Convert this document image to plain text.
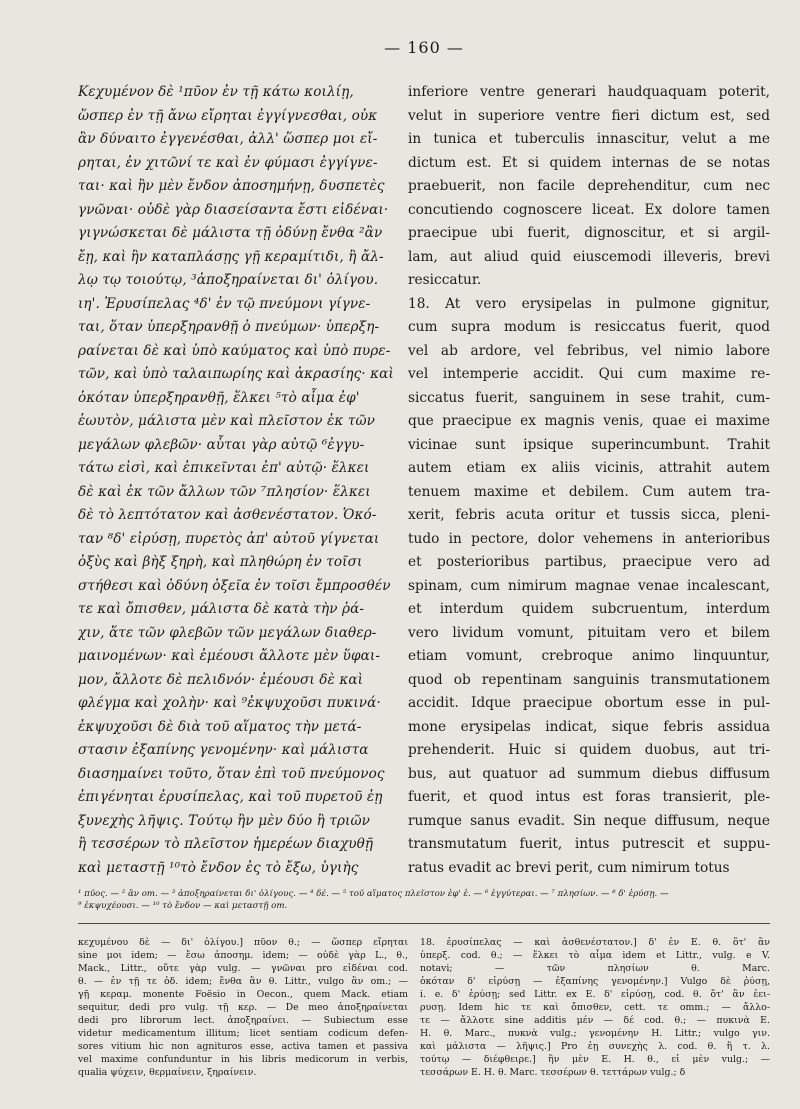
— 160 —
Κεχυμένον δὲ ¹πῦον ἐν τῇ κάτω κοιλίῃ,
ὥσπερ ἐν τῇ ἄνω εἴρηται ἐγγίγνεσθαι, οὐκ
ἂν δύναιτο ἐγγενέσθαι, ἀλλ' ὥσπερ μοι εἴ-
ρηται, ἐν χιτῶνί τε καὶ ἐν φύμασι ἐγγίγνε-
ται· καὶ ἢν μὲν ἔνδον ἀποσημήνῃ, δυσπετὲς
γνῶναι· οὐδὲ γὰρ διασείσαντα ἔστι εἰδέναι·
γιγνώσκεται δὲ μάλιστα τῇ ὀδύνῃ ἔνθα ²ἂν
ἔῃ, καὶ ἢν καταπλάσῃς γῇ κεραμίτιδι, ἢ ἄλ-
λῳ τῳ τοιούτῳ, ³ἀποξηραίνεται δι' ὀλίγου.
ιη'. Ἐρυσίπελας ⁴δ' ἐν τῷ πνεύμονι γίγνε-
ται, ὅταν ὑπερξηρανθῇ ὁ πνεύμων· ὑπερξη-
ραίνεται δὲ καὶ ὑπὸ καύματος καὶ ὑπὸ πυρε-
τῶν, καὶ ὑπὸ ταλαιπωρίης καὶ ἀκρασίης· καὶ
ὁκόταν ὑπερξηρανθῇ, ἕλκει ⁵τὸ αἷμα ἐφ'
ἑωυτὸν, μάλιστα μὲν καὶ πλεῖστον ἐκ τῶν
μεγάλων φλεβῶν· αὗται γὰρ αὐτῷ ⁶ἐγγυ-
τάτω εἰσὶ, καὶ ἐπικεῖνται ἐπ' αὐτῷ· ἕλκει
δὲ καὶ ἐκ τῶν ἄλλων τῶν ⁷πλησίον· ἕλκει
δὲ τὸ λεπτότατον καὶ ἀσθενέστατον. Ὁκό-
ταν ⁸δ' εἰρύσῃ, πυρετὸς ἀπ' αὐτοῦ γίγνεται
ὀξὺς καὶ βὴξ ξηρὴ, καὶ πληθώρη ἐν τοῖσι
στήθεσι καὶ ὀδύνη ὀξεῖα ἐν τοῖσι ἔμπροσθέν
τε καὶ ὄπισθεν, μάλιστα δὲ κατὰ τὴν ῥά-
χιν, ἅτε τῶν φλεβῶν τῶν μεγάλων διαθερ-
μαινομένων· καὶ ἐμέουσι ἄλλοτε μὲν ὕφαι-
μον, ἄλλοτε δὲ πελιδνόν· ἐμέουσι δὲ καὶ
φλέγμα καὶ χολὴν· καὶ ⁹ἐκψυχοῦσι πυκινά·
ἐκψυχοῦσι δὲ διὰ τοῦ αἵματος τὴν μετά-
στασιν ἐξαπίνης γενομένην· καὶ μάλιστα
διασημαίνει τοῦτο, ὅταν ἐπὶ τοῦ πνεύμονος
ἐπιγένηται ἐρυσίπελας, καὶ τοῦ πυρετοῦ ἐῃ
ξυνεχὴς λῆψις. Τούτῳ ἢν μὲν δύο ἢ τριῶν
ἢ τεσσέρων τὸ πλεῖστον ἡμερέων διαχυθῇ
καὶ μεταστῇ ¹⁰τὸ ἔνδον ἐς τὸ ἔξω, ὑγιὴς
inferiore ventre generari haudquaquam poterit,
velut in superiore ventre fieri dictum est, sed
in tunica et tuberculis innascitur, velut a me
dictum est. Et si quidem internas de se notas
praebuerit, non facile deprehenditur, cum nec
concutiendo cognoscere liceat. Ex dolore tamen
praecipue ubi fuerit, dignoscitur, et si argil-
lam, aut aliud quid eiuscemodi illeveris, brevi
resiccatur.
18. At vero erysipelas in pulmone gignitur,
cum supra modum is resiccatus fuerit, quod
vel ab ardore, vel febribus, vel nimio labore
vel intemperie accidit. Qui cum maxime re-
siccatus fuerit, sanguinem in sese trahit, cum-
que praecipue ex magnis venis, quae ei maxime
vicinae sunt ipsique superincumbunt. Trahit
autem etiam ex aliis vicinis, attrahit autem
tenuem maxime et debilem. Cum autem tra-
xerit, febris acuta oritur et tussis sicca, pleni-
tudo in pectore, dolor vehemens in anterioribus
et posterioribus partibus, praecipue vero ad
spinam, cum nimirum magnae venae incalescant,
et interdum quidem subcruentum, interdum
vero lividum vomunt, pituitam vero et bilem
etiam vomunt, crebroque animo linquuntur,
quod ob repentinam sanguinis transmutationem
accidit. Idque praecipue obortum esse in pul-
mone erysipelas indicat, sique febris assidua
prehenderit. Huic si quidem duobus, aut tri-
bus, aut quatuor ad summum diebus diffusum
fuerit, et quod intus est foras transierit, ple-
rumque sanus evadit. Sin neque diffusum, neque
transmutatum fuerit, intus putrescit et suppu-
ratus evadit ac brevi perit, cum nimirum totus
¹ πῦος. — ² ἂν om. — ³ ἀποξηραίνεται δι' ὀλίγους. — ⁴ δέ. — ⁵ τοῦ αἵματος πλεῖστον ἐφ' ἑ. — ⁶ ἐγγύτεραι. — ⁷ πλησίων. — ⁸ δ' ἐρύσῃ. —
⁹ ἐκψυχέουσι. — ¹⁰ τὸ ἔνδον — καὶ μεταστῇ om.
κεχυμένου δὲ — δι' ὀλίγου.] πῦον θ.; — ὥσπερ εἴρηται
sine μοι idem; — ἔσω ἀποσημ. idem; — οὐδὲ γὰρ L., θ.,
Mack., Littr., οὔτε γὰρ vulg. — γνῶναι pro εἰδέναι cod.
θ. — ἐν τῇ τε ὀδ. idem; ἔνθα ἂν θ. Littr., vulgo ἂν om.; —
γῇ κεραμ. monente Foësio in Oecon., quem Mack. etiam
sequitur, dedi pro vulg. τῇ κερ. — De meo ἀποξηραίνεται
dedi pro librorum lect. ἀποξηραίνει. — Subiectum esse
videtur medicamentum illitum; licet sentiam codicum defen-
sores vitium hic non agnituros esse, activa tamen et passiva
vel maxime confunduntur in his libris medicorum in verbis,
qualia ψύχειν, θερμαίνειν, ξηραίνειν.
18. ἐρυσίπελας — καὶ ἀσθενέστατον.] δ' ἐν E. θ. ὅτ' ἂν
ὑπερξ. cod. θ.; — ἕλκει τὸ αἷμα idem et Littr., vulg. e V.
notavi; — τῶν πλησίων θ. Marc.
ὁκόταν δ' εἰρύσῃ — ἐξαπίνης γενομένην.] Vulgo δὲ ῥύσῃ,
i. e. δ' ἐρύσῃ; sed Littr. ex E. δ' εἰρύσῃ, cod. θ. ὅτ' ἂν ἐει-
ρυσῃ. Idem hic τε καὶ ὄπισθεν, cett. τε omm.; — ἄλλο-
τε — ἄλλοτε sine additis μέν — δέ cod. θ.; — πυκινὰ E.
H. θ. Marc., πυκνὰ vulg.; γενομένην H. Littr.; vulgo γιν.
καὶ μάλιστα — λῆψις.] Pro ἐῃ συνεχὴς λ. cod. θ. ἢ τ. λ.
τούτῳ — διέφθειρε.] ἢν μὲν E. H. θ., εἰ μὲν vulg.; —
τεσσάρων E. H. θ. Marc. τεσσέρων θ. τεττάρων vulg.; δ
